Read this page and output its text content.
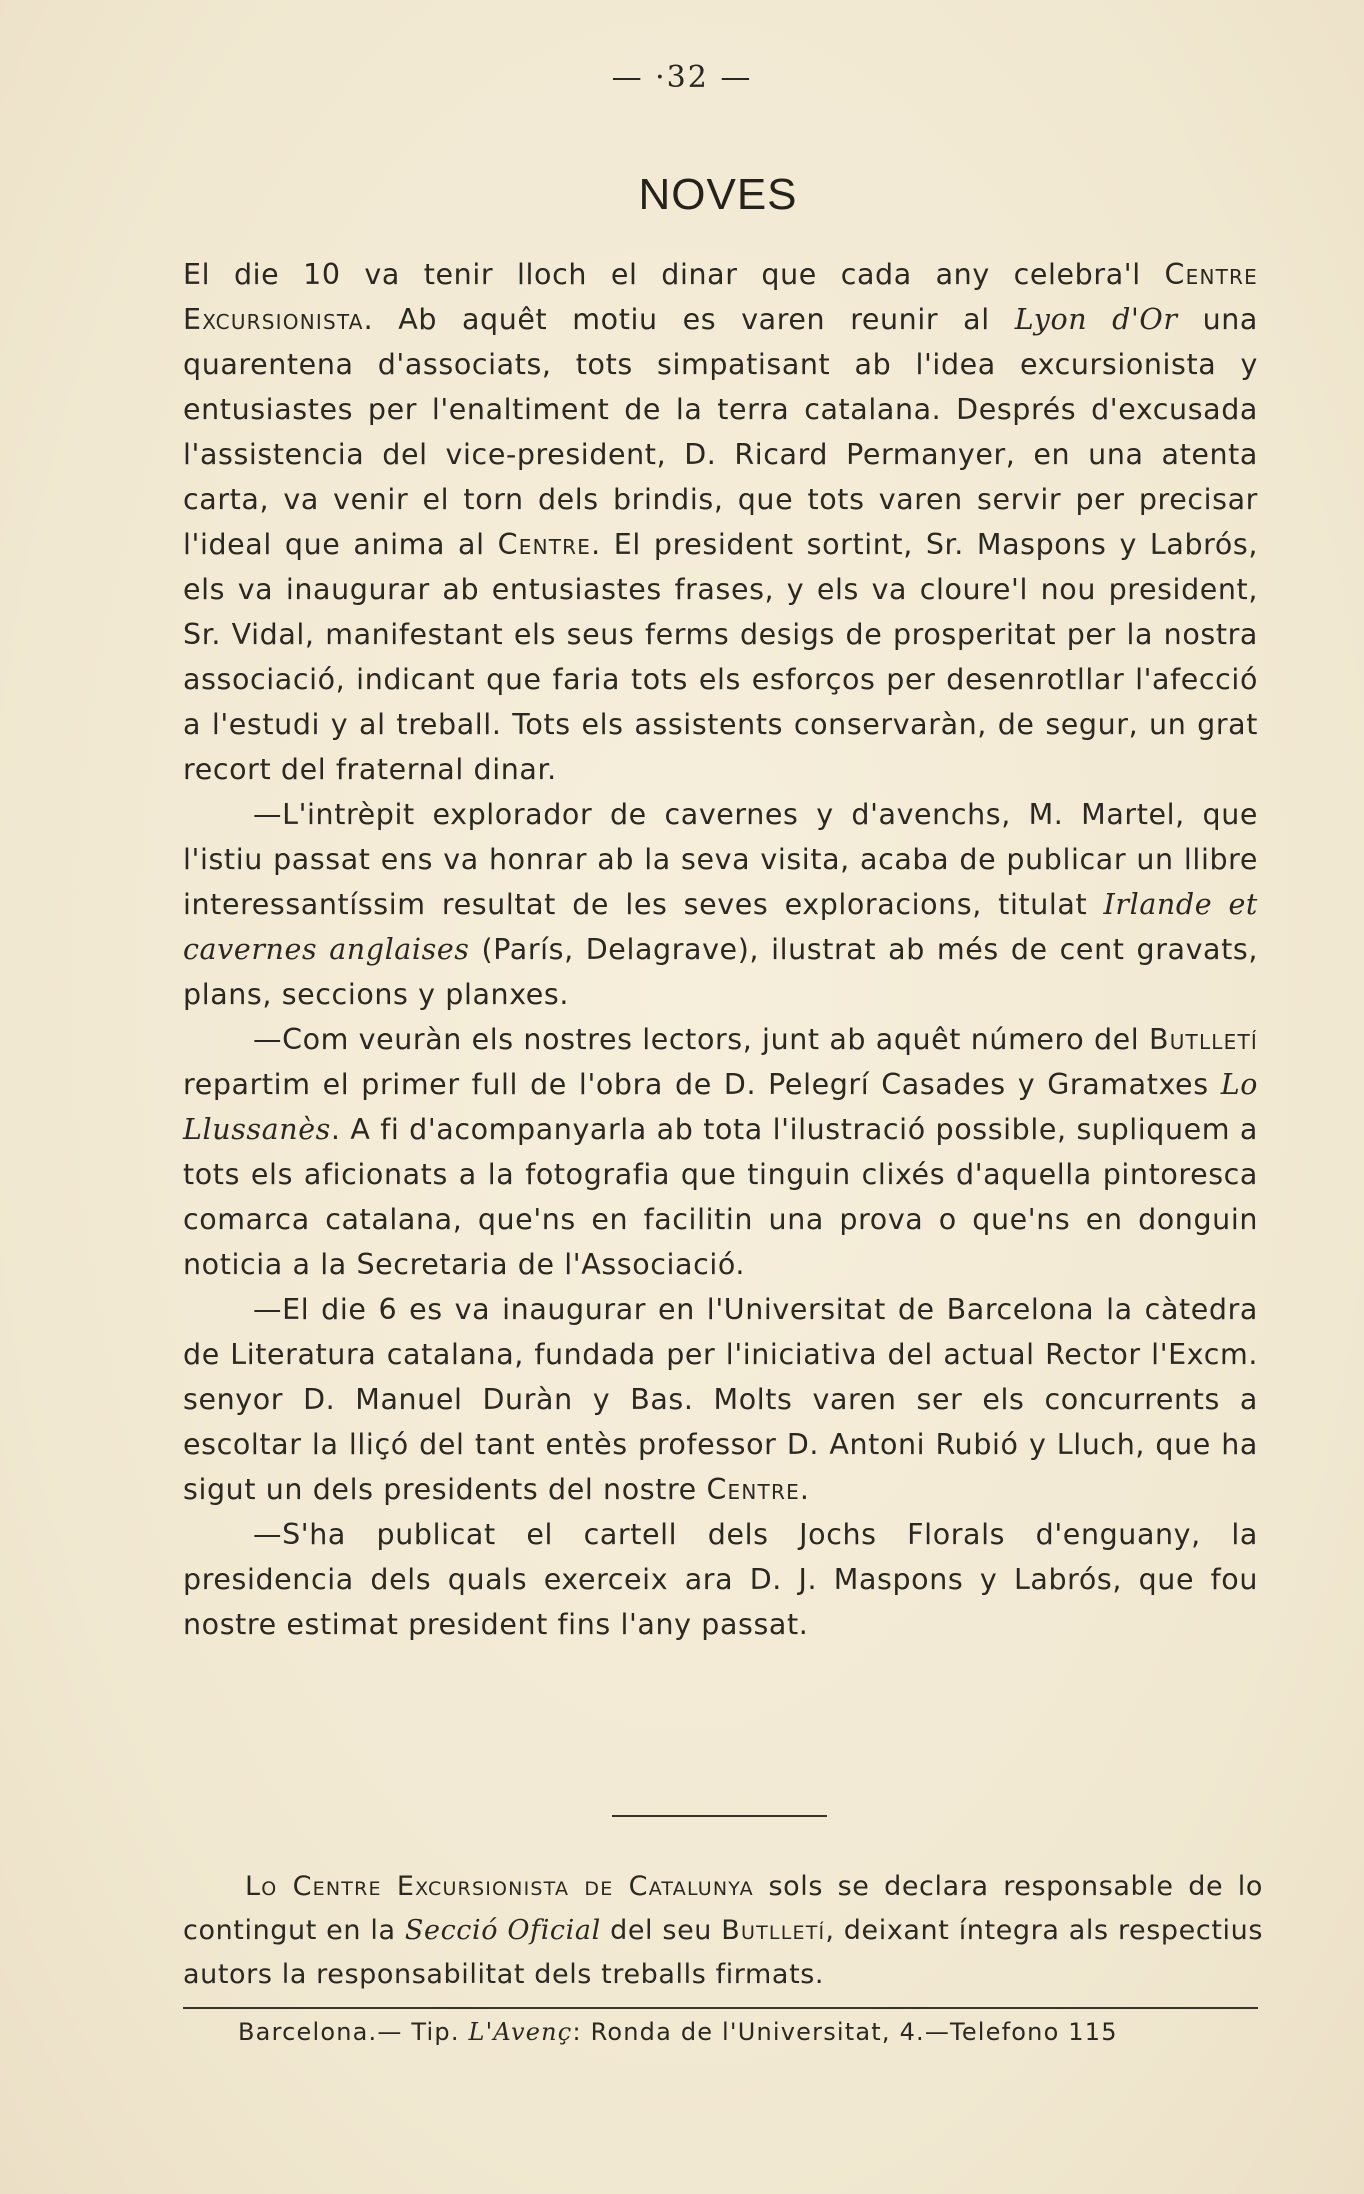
— ·32 —
NOVES

El die 10 va tenir lloch el dinar que cada any celebra'l Centre Excursionista. Ab aquêt motiu es varen reunir al Lyon d'Or una quarentena d'associats, tots simpatisant ab l'idea excursionista y entusiastes per l'enaltiment de la terra catalana. Després d'excusada l'assistencia del vice-president, D. Ricard Permanyer, en una atenta carta, va venir el torn dels brindis, que tots varen servir per precisar l'ideal que anima al Centre. El president sortint, Sr. Maspons y Labrós, els va inaugurar ab entusiastes frases, y els va cloure'l nou president, Sr. Vidal, manifestant els seus ferms desigs de prosperitat per la nostra associació, indicant que faria tots els esforços per desenrotllar l'afecció a l'estudi y al treball. Tots els assistents conservaràn, de segur, un grat recort del fraternal dinar.

—L'intrèpit explorador de cavernes y d'avenchs, M. Martel, que l'istiu passat ens va honrar ab la seva visita, acaba de publicar un llibre interessantíssim resultat de les seves exploracions, titulat Irlande et cavernes anglaises (París, Delagrave), ilustrat ab més de cent gravats, plans, seccions y planxes.

—Com veuràn els nostres lectors, junt ab aquêt número del Butlletí repartim el primer full de l'obra de D. Pelegrí Casades y Gramatxes Lo Llussanès. A fi d'acompanyarla ab tota l'ilustració possible, supliquem a tots els aficionats a la fotografia que tinguin clixés d'aquella pintoresca comarca catalana, que'ns en facilitin una prova o que'ns en donguin noticia a la Secretaria de l'Associació.

—El die 6 es va inaugurar en l'Universitat de Barcelona la càtedra de Literatura catalana, fundada per l'iniciativa del actual Rector l'Excm. senyor D. Manuel Duràn y Bas. Molts varen ser els concurrents a escoltar la lliçó del tant entès professor D. Antoni Rubió y Lluch, que ha sigut un dels presidents del nostre Centre.

—S'ha publicat el cartell dels Jochs Florals d'enguany, la presidencia dels quals exerceix ara D. J. Maspons y Labrós, que fou nostre estimat president fins l'any passat.

Lo Centre Excursionista de Catalunya sols se declara responsable de lo contingut en la Secció Oficial del seu Butlletí, deixant íntegra als respectius autors la responsabilitat dels treballs firmats.

Barcelona.— Tip. L'Avenç: Ronda de l'Universitat, 4.—Telefono 115
